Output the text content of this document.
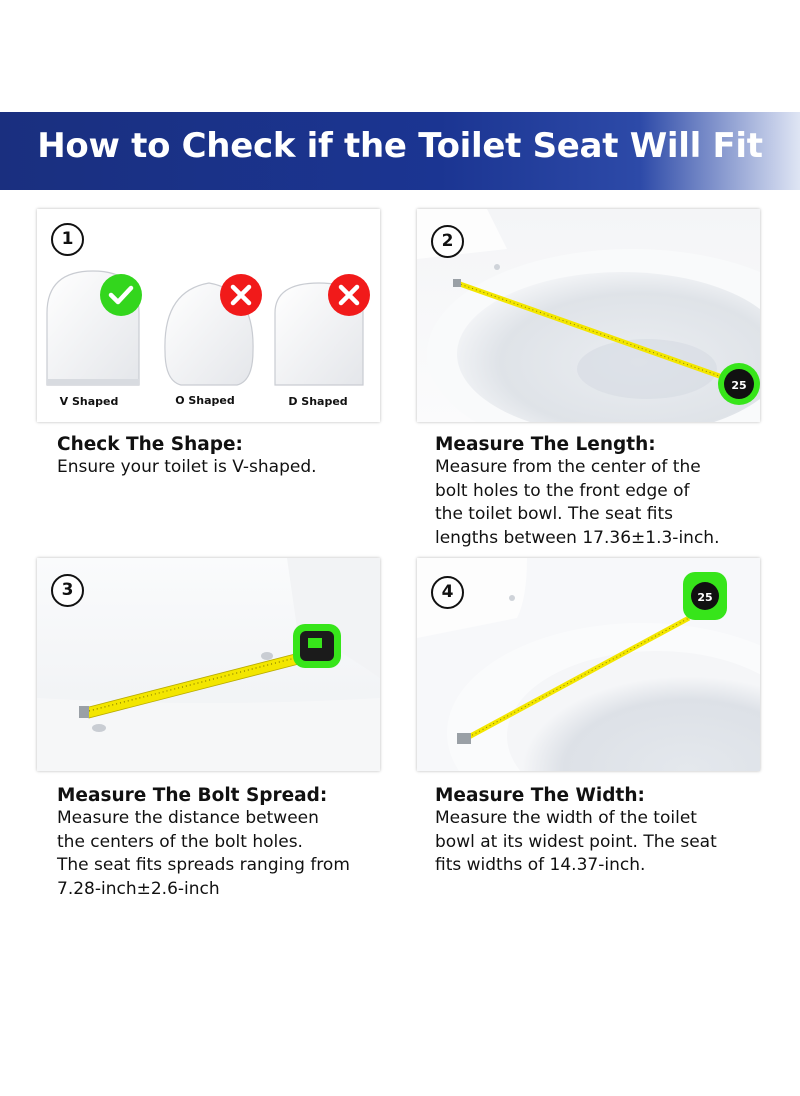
How to Check if the Toilet Seat Will Fit
1
V Shaped	O Shaped	D Shaped
25
2
Check The Shape:
Ensure your toilet is V-shaped.
Measure The Length:
Measure from the center of the
bolt holes to the front edge of
the toilet bowl. The seat fits
lengths between 17.36±1.3-inch.
3	25
4
Measure The Bolt Spread:
Measure the distance between
the centers of the bolt holes.
The seat fits spreads ranging from
7.28-inch±2.6-inch
Measure The Width:
Measure the width of the toilet
bowl at its widest point. The seat
fits widths of 14.37-inch.
